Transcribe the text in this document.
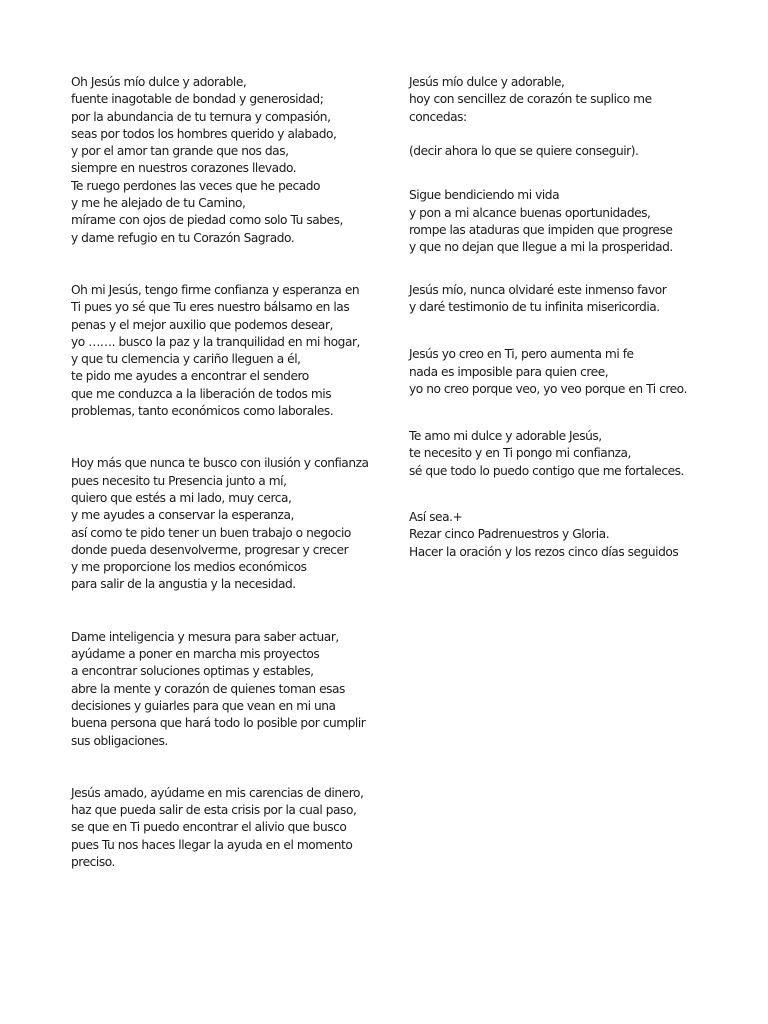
Oh Jesús mío dulce y adorable,
fuente inagotable de bondad y generosidad;
por la abundancia de tu ternura y compasión,
seas por todos los hombres querido y alabado,
y por el amor tan grande que nos das,
siempre en nuestros corazones llevado.
Te ruego perdones las veces que he pecado
y me he alejado de tu Camino,
mírame con ojos de piedad como solo Tu sabes,
y dame refugio en tu Corazón Sagrado.
Oh mi Jesús, tengo firme confianza y esperanza en
Ti pues yo sé que Tu eres nuestro bálsamo en las
penas y el mejor auxilio que podemos desear,
yo ……. busco la paz y la tranquilidad en mi hogar,
y que tu clemencia y cariño lleguen a él,
te pido me ayudes a encontrar el sendero
que me conduzca a la liberación de todos mis
problemas, tanto económicos como laborales.
Hoy más que nunca te busco con ilusión y confianza
pues necesito tu Presencia junto a mí,
quiero que estés a mi lado, muy cerca,
y me ayudes a conservar la esperanza,
así como te pido tener un buen trabajo o negocio
donde pueda desenvolverme, progresar y crecer
y me proporcione los medios económicos
para salir de la angustia y la necesidad.
Dame inteligencia y mesura para saber actuar,
ayúdame a poner en marcha mis proyectos
a encontrar soluciones optimas y estables,
abre la mente y corazón de quienes toman esas
decisiones y guiarles para que vean en mi una
buena persona que hará todo lo posible por cumplir
sus obligaciones.
Jesús amado, ayúdame en mis carencias de dinero,
haz que pueda salir de esta crisis por la cual paso,
se que en Ti puedo encontrar el alivio que busco
pues Tu nos haces llegar la ayuda en el momento
preciso.
Jesús mío dulce y adorable,
hoy con sencillez de corazón te suplico me
concedas:
(decir ahora lo que se quiere conseguir).
Sigue bendiciendo mi vida
y pon a mi alcance buenas oportunidades,
rompe las ataduras que impiden que progrese
y que no dejan que llegue a mi la prosperidad.
Jesús mío, nunca olvidaré este inmenso favor
y daré testimonio de tu infinita misericordia.
Jesús yo creo en Ti, pero aumenta mi fe
nada es imposible para quien cree,
yo no creo porque veo, yo veo porque en Ti creo.
Te amo mi dulce y adorable Jesús,
te necesito y en Ti pongo mi confianza,
sé que todo lo puedo contigo que me fortaleces.
Así sea.+
Rezar cinco Padrenuestros y Gloria.
Hacer la oración y los rezos cinco días seguidos
